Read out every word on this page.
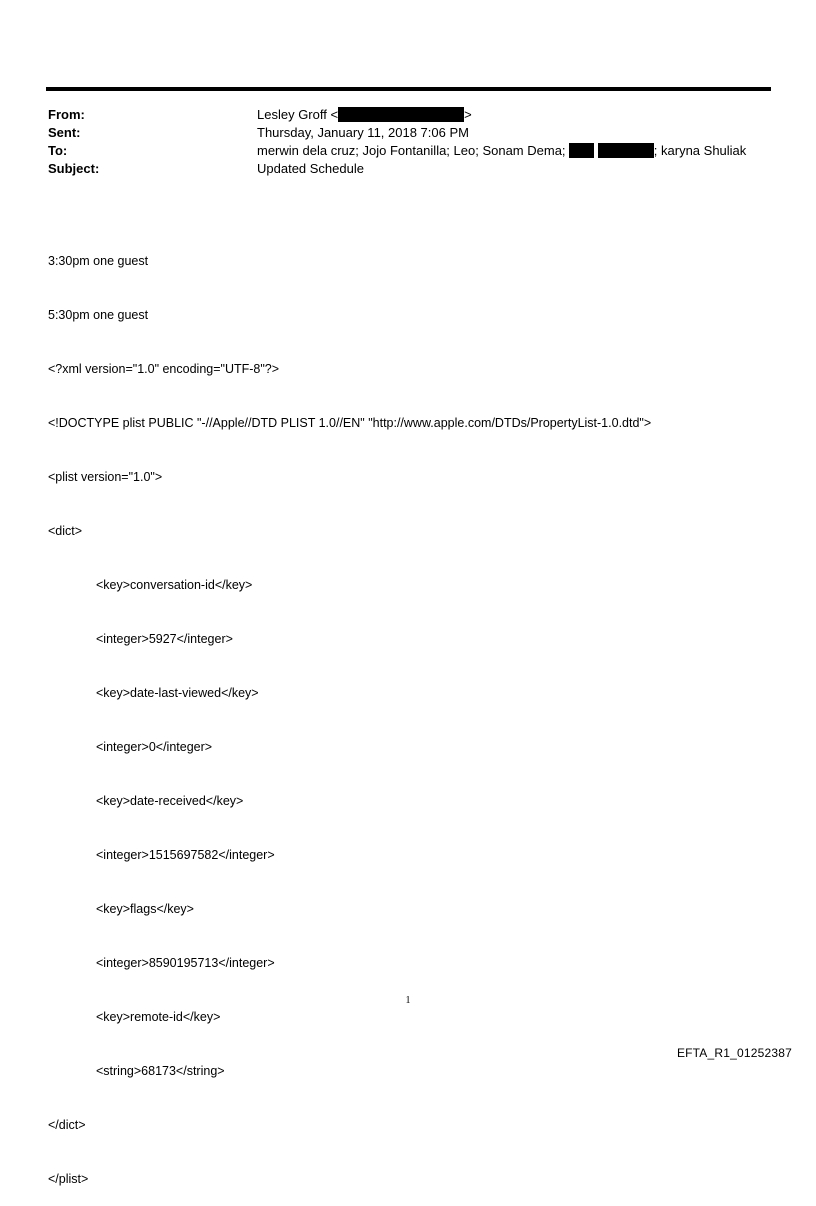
From:	Lesley Groff <	>
Sent:	Thursday, January 11, 2018 7:06 PM
To:	merwin dela cruz; Jojo Fontanilla; Leo; Sonam Dema;	; karyna Shuliak
Subject:	Updated Schedule

3:30pm one guest

5:30pm one guest

<?xml version="1.0" encoding="UTF-8"?>

<!DOCTYPE plist PUBLIC "-//Apple//DTD PLIST 1.0//EN" "http://www.apple.com/DTDs/PropertyList-1.0.dtd">

<plist version="1.0">

<dict>

<key>conversation-id</key>

<integer>5927</integer>

<key>date-last-viewed</key>

<integer>0</integer>

<key>date-received</key>

<integer>1515697582</integer>

<key>flags</key>

<integer>8590195713</integer>

<key>remote-id</key>

<string>68173</string>

</dict>

</plist>

1
EFTA_R1_01252387
